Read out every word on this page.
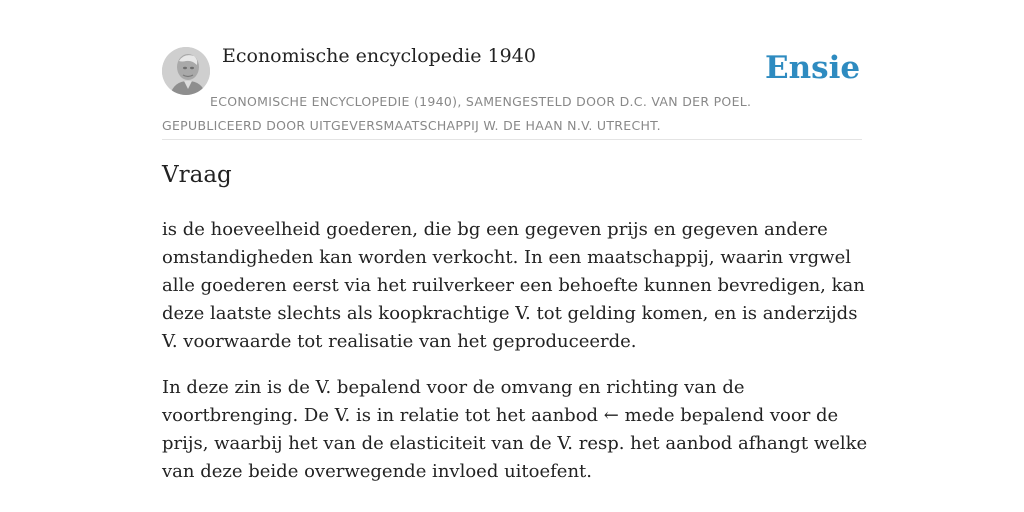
Economische encyclopedie 1940	Ensie
ECONOMISCHE ENCYCLOPEDIE (1940), SAMENGESTELD DOOR D.C. VAN DER POEL.
GEPUBLICEERD DOOR UITGEVERSMAATSCHAPPIJ W. DE HAAN N.V. UTRECHT.
Vraag

is de hoeveelheid goederen, die bg een gegeven prijs en gegeven andere omstandigheden kan worden verkocht. In een maatschappij, waarin vrgwel alle goederen eerst via het ruilverkeer een behoefte kunnen bevredigen, kan deze laatste slechts als koopkrachtige V. tot gelding komen, en is anderzijds V. voorwaarde tot realisatie van het geproduceerde.

In deze zin is de V. bepalend voor de omvang en richting van de voortbrenging. De V. is in relatie tot het aanbod ← mede bepalend voor de prijs, waarbij het van de elasticiteit van de V. resp. het aanbod afhangt welke van deze beide overwegende invloed uitoefent.
